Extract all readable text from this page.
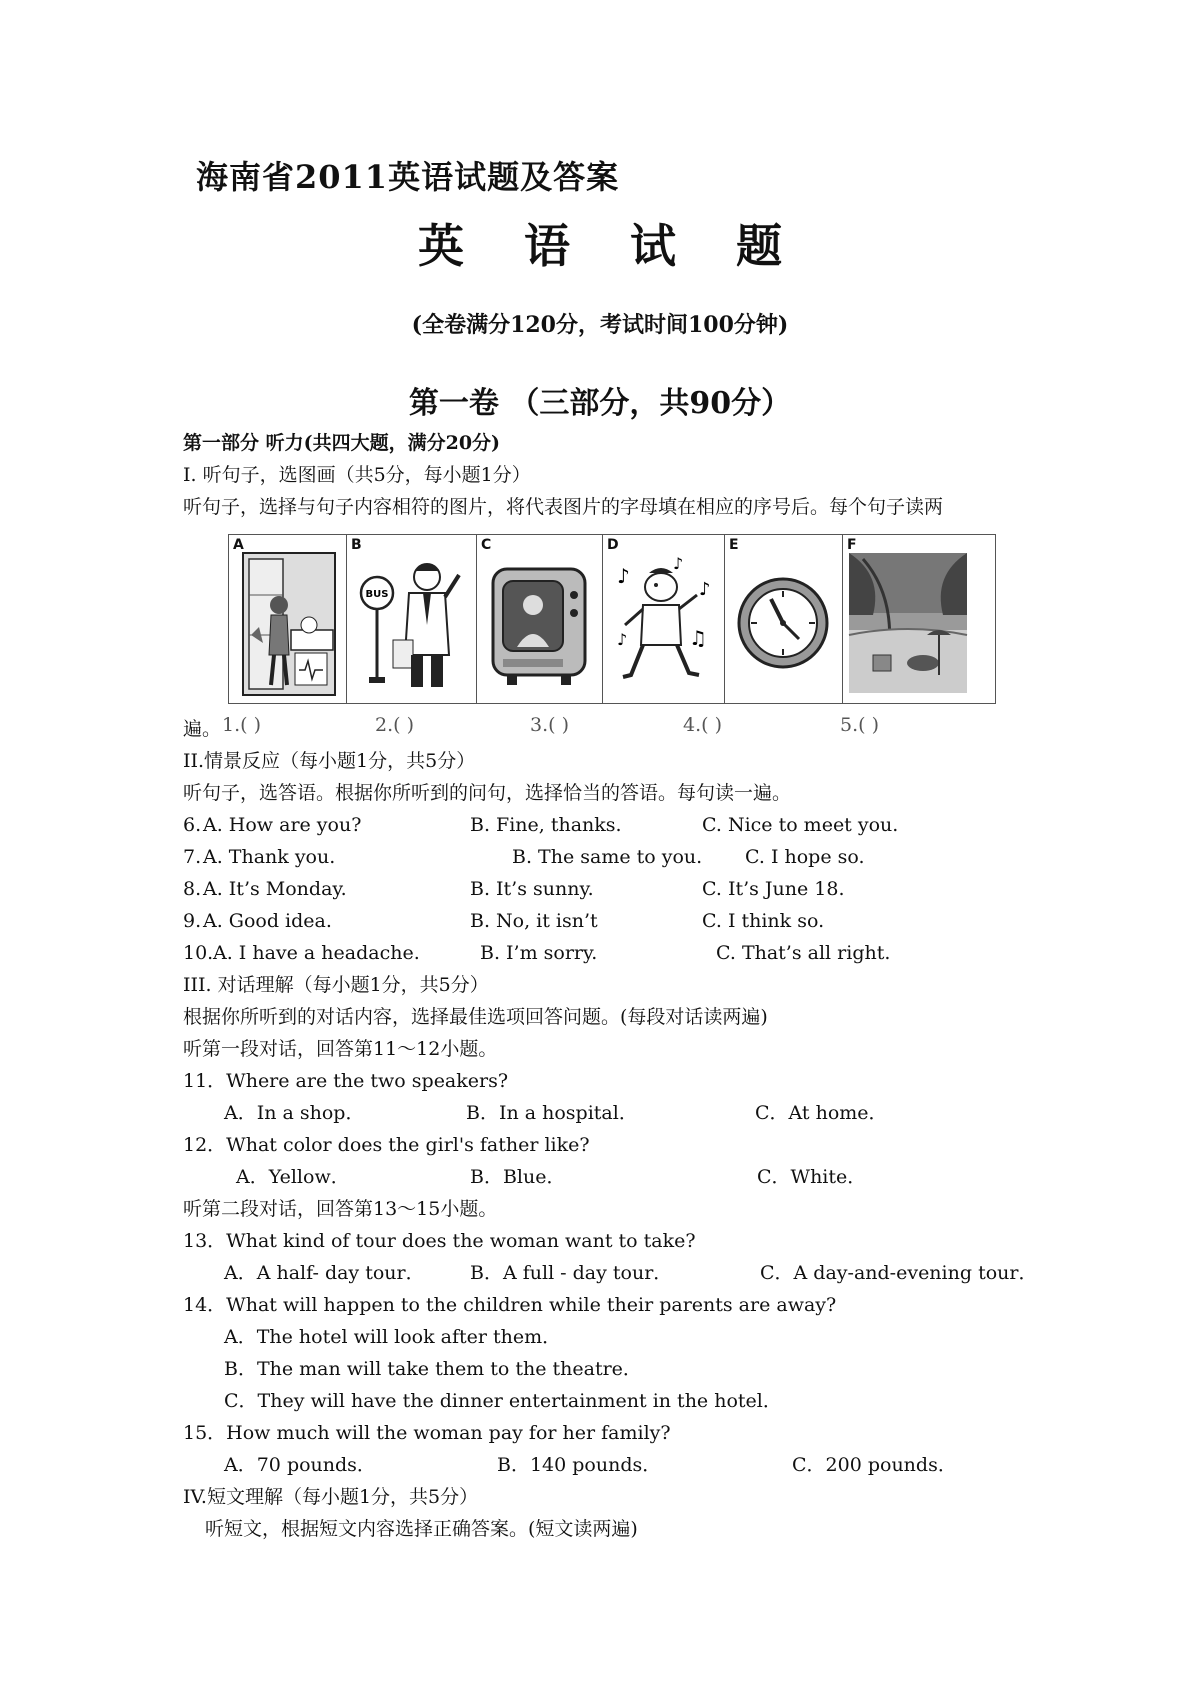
海南省2011英语试题及答案
英 语 试 题
(全卷满分120分，考试时间100分钟)
第一卷 （三部分，共90分）
第一部分 听力(共四大题，满分20分)
I. 听句子，选图画（共5分，每小题1分）
听句子，选择与句子内容相符的图片，将代表图片的字母填在相应的序号后。每个句子读两
A	B
BUS
C	D
♪
♪
♪
♫
♪
E	F
遍。 1.( )	2.( )	3.( )	4.( )	5.( )
II.情景反应（每小题1分，共5分）
听句子，选答语。根据你所听到的问句，选择恰当的答语。每句读一遍。
6. A. How are you?	B. Fine, thanks.	C. Nice to meet you.
7. A. Thank you.	B. The same to you. C. I hope so.
8. A. It’s Monday.	B. It’s sunny.	C. It’s June 18.
9. A. Good idea.	B. No, it isn’t	C. I think so.
10. A. I have a headache.	B. I’m sorry.	C. That’s all right.
III. 对话理解（每小题1分，共5分）
根据你所听到的对话内容，选择最佳选项回答问题。(每段对话读两遍)
听第一段对话，回答第11～12小题。
11．Where are the two speakers?
A．In a shop．	B．In a hospital．	C．At home．
12．What color does the girl's father like?
A．Yellow．	B．Blue．	C．White．
听第二段对话，回答第13～15小题。
13．What kind of tour does the woman want to take?
A．A half- day tour． B．A full - day tour．	C．A day-and-evening tour．
14．What will happen to the children while their parents are away?
A．The hotel will look after them．
B．The man will take them to the theatre．
C．They will have the dinner entertainment in the hotel．
15．How much will the woman pay for her family?
A．70 pounds．	B．140 pounds．	C．200 pounds．
IV.短文理解（每小题1分，共5分）
听短文，根据短文内容选择正确答案。(短文读两遍)
